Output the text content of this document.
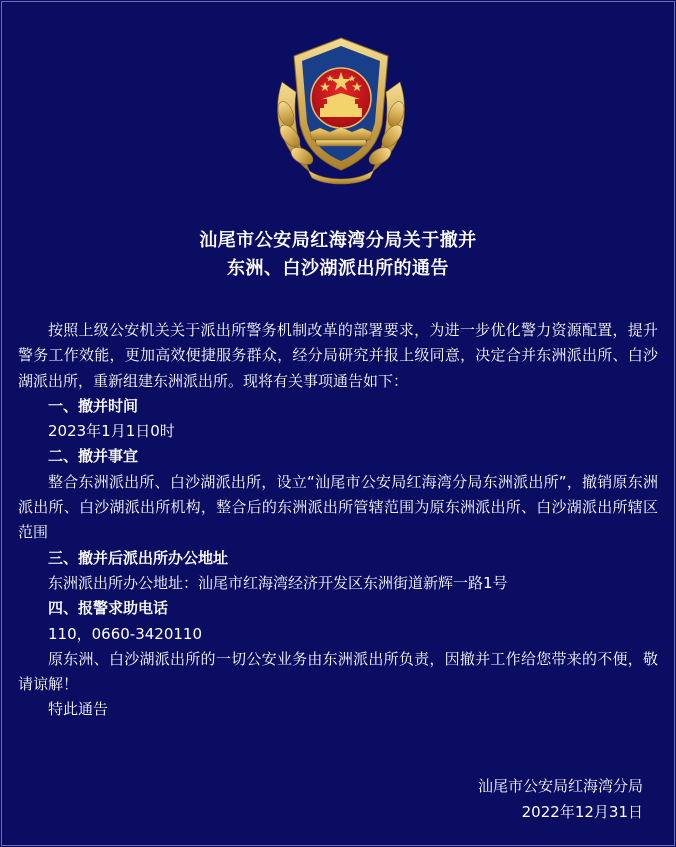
汕尾市公安局红海湾分局关于撤并
东洲、白沙湖派出所的通告

按照上级公安机关关于派出所警务机制改革的部署要求，为进一步优化警力资源配置，提升警务工作效能，更加高效便捷服务群众，经分局研究并报上级同意，决定合并东洲派出所、白沙湖派出所，重新组建东洲派出所。现将有关事项通告如下：

一、撤并时间

2023年1月1日0时

二、撤并事宜

整合东洲派出所、白沙湖派出所，设立“汕尾市公安局红海湾分局东洲派出所”，撤销原东洲派出所、白沙湖派出所机构，整合后的东洲派出所管辖范围为原东洲派出所、白沙湖派出所辖区范围

三、撤并后派出所办公地址

东洲派出所办公地址：汕尾市红海湾经济开发区东洲街道新辉一路1号

四、报警求助电话

110，0660-3420110

原东洲、白沙湖派出所的一切公安业务由东洲派出所负责，因撤并工作给您带来的不便，敬请谅解！

特此通告

汕尾市公安局红海湾分局
2022年12月31日
